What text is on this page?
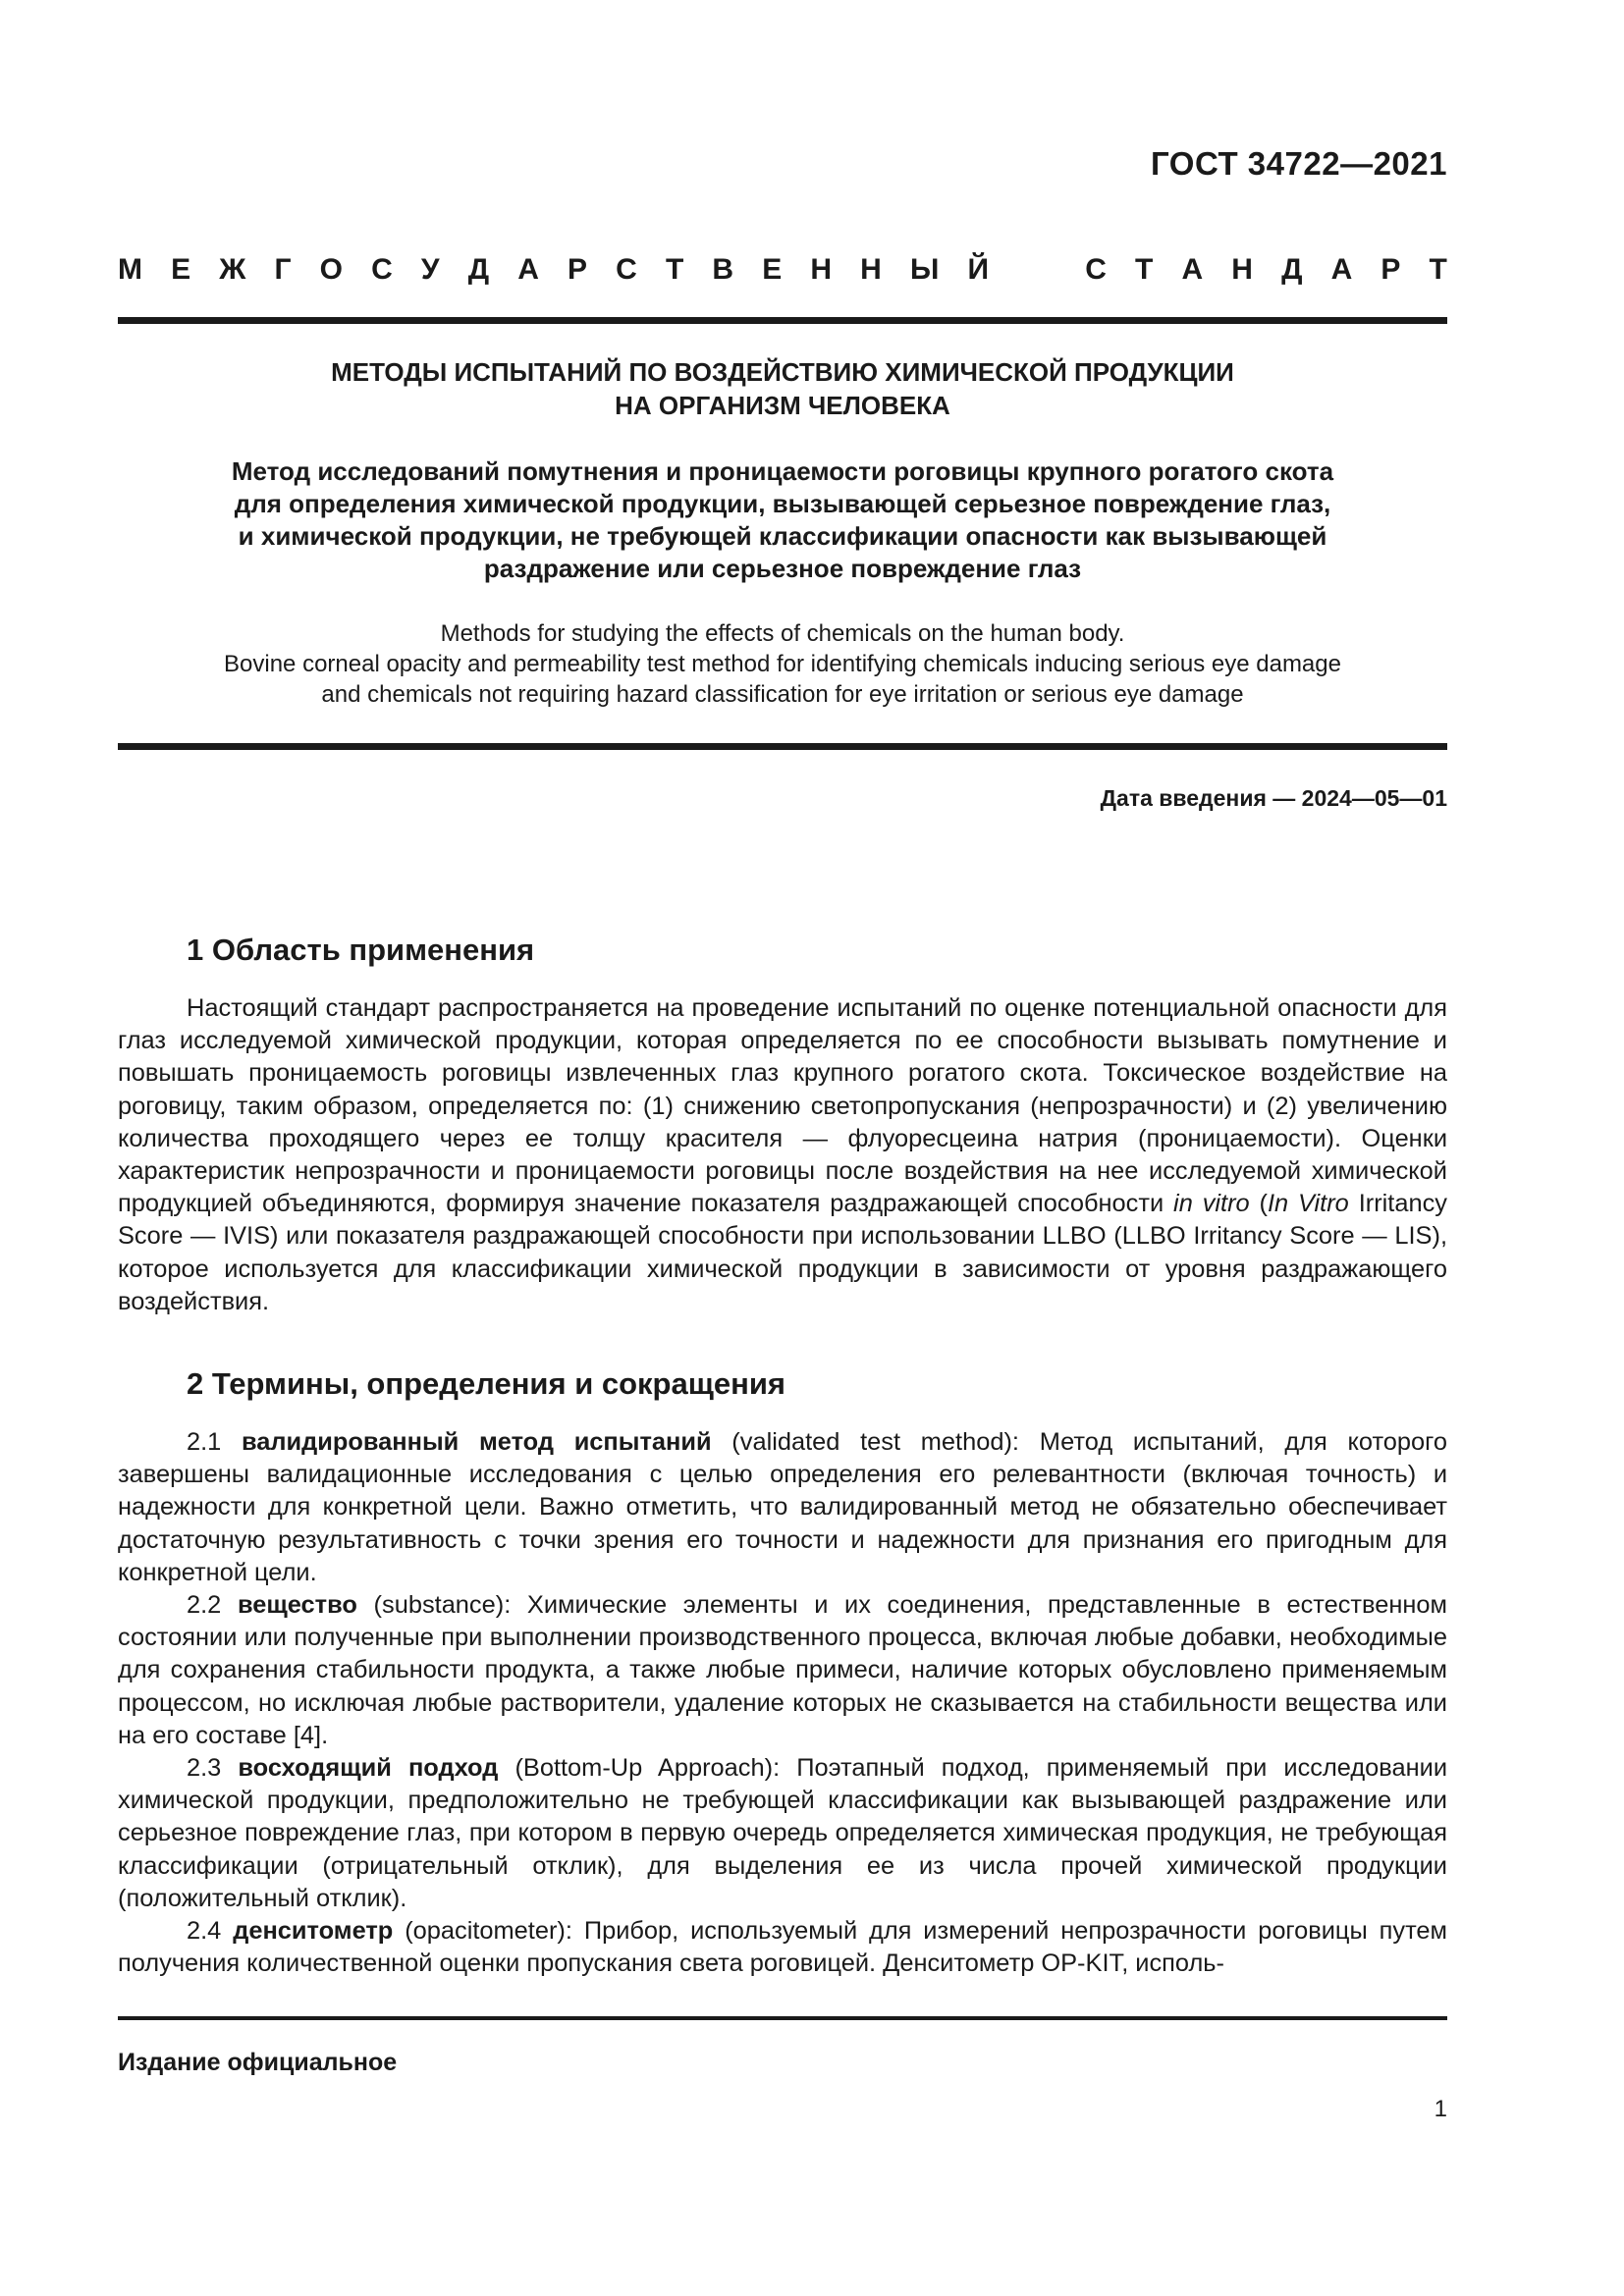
ГОСТ 34722—2021
М Е Ж Г О С У Д А Р С Т В Е Н Н Ы Й	С Т А Н Д А Р Т
МЕТОДЫ ИСПЫТАНИЙ ПО ВОЗДЕЙСТВИЮ ХИМИЧЕСКОЙ ПРОДУКЦИИ
НА ОРГАНИЗМ ЧЕЛОВЕКА
Метод исследований помутнения и проницаемости роговицы крупного рогатого скота
для определения химической продукции, вызывающей серьезное повреждение глаз,
и химической продукции, не требующей классификации опасности как вызывающей
раздражение или серьезное повреждение глаз
Methods for studying the effects of chemicals on the human body.
Bovine corneal opacity and permeability test method for identifying chemicals inducing serious eye damage
and chemicals not requiring hazard classification for eye irritation or serious eye damage
Дата введения — 2024—05—01
1 Область применения

Настоящий стандарт распространяется на проведение испытаний по оценке потенциальной опасности для глаз исследуемой химической продукции, которая определяется по ее способности вызывать помутнение и повышать проницаемость роговицы извлеченных глаз крупного рогатого скота. Токсическое воздействие на роговицу, таким образом, определяется по: (1) снижению светопропускания (непрозрачности) и (2) увеличению количества проходящего через ее толщу красителя — флуоресцеина натрия (проницаемости). Оценки характеристик непрозрачности и проницаемости роговицы после воздействия на нее исследуемой химической продукцией объединяются, формируя значение показателя раздражающей способности in vitro (In Vitro Irritancy Score — IVIS) или показателя раздражающей способности при использовании LLBO (LLBO Irritancy Score — LIS), которое используется для классификации химической продукции в зависимости от уровня раздражающего воздействия.

2 Термины, определения и сокращения

2.1 валидированный метод испытаний (validated test method): Метод испытаний, для которого завершены валидационные исследования с целью определения его релевантности (включая точность) и надежности для конкретной цели. Важно отметить, что валидированный метод не обязательно обеспечивает достаточную результативность с точки зрения его точности и надежности для признания его пригодным для конкретной цели.

2.2 вещество (substance): Химические элементы и их соединения, представленные в естественном состоянии или полученные при выполнении производственного процесса, включая любые добавки, необходимые для сохранения стабильности продукта, а также любые примеси, наличие которых обусловлено применяемым процессом, но исключая любые растворители, удаление которых не сказывается на стабильности вещества или на его составе [4].

2.3 восходящий подход (Bottom-Up Approach): Поэтапный подход, применяемый при исследовании химической продукции, предположительно не требующей классификации как вызывающей раздражение или серьезное повреждение глаз, при котором в первую очередь определяется химическая продукция, не требующая классификации (отрицательный отклик), для выделения ее из числа прочей химической продукции (положительный отклик).

2.4 денситометр (opacitometer): Прибор, используемый для измерений непрозрачности роговицы путем получения количественной оценки пропускания света роговицей. Денситометр OP-KIT, исполь-

Издание официальное
1
